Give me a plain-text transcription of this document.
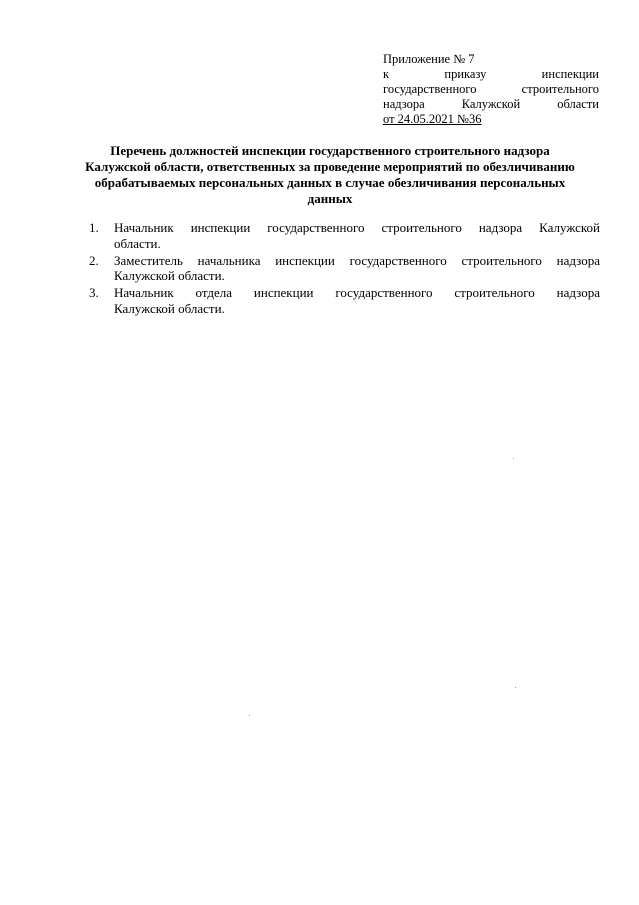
Приложение № 7
к приказу инспекции
государственного строительного
надзора Калужской области
от 24.05.2021 №36
Перечень должностей инспекции государственного строительного надзора
Калужской области, ответственных за проведение мероприятий по обезличиванию
обрабатываемых персональных данных в случае обезличивания персональных
данных
1. Начальник инспекции государственного строительного надзора Калужской
области.
2. Заместитель начальника инспекции государственного строительного надзора
Калужской области.
3. Начальник отдела инспекции государственного строительного надзора
Калужской области.
